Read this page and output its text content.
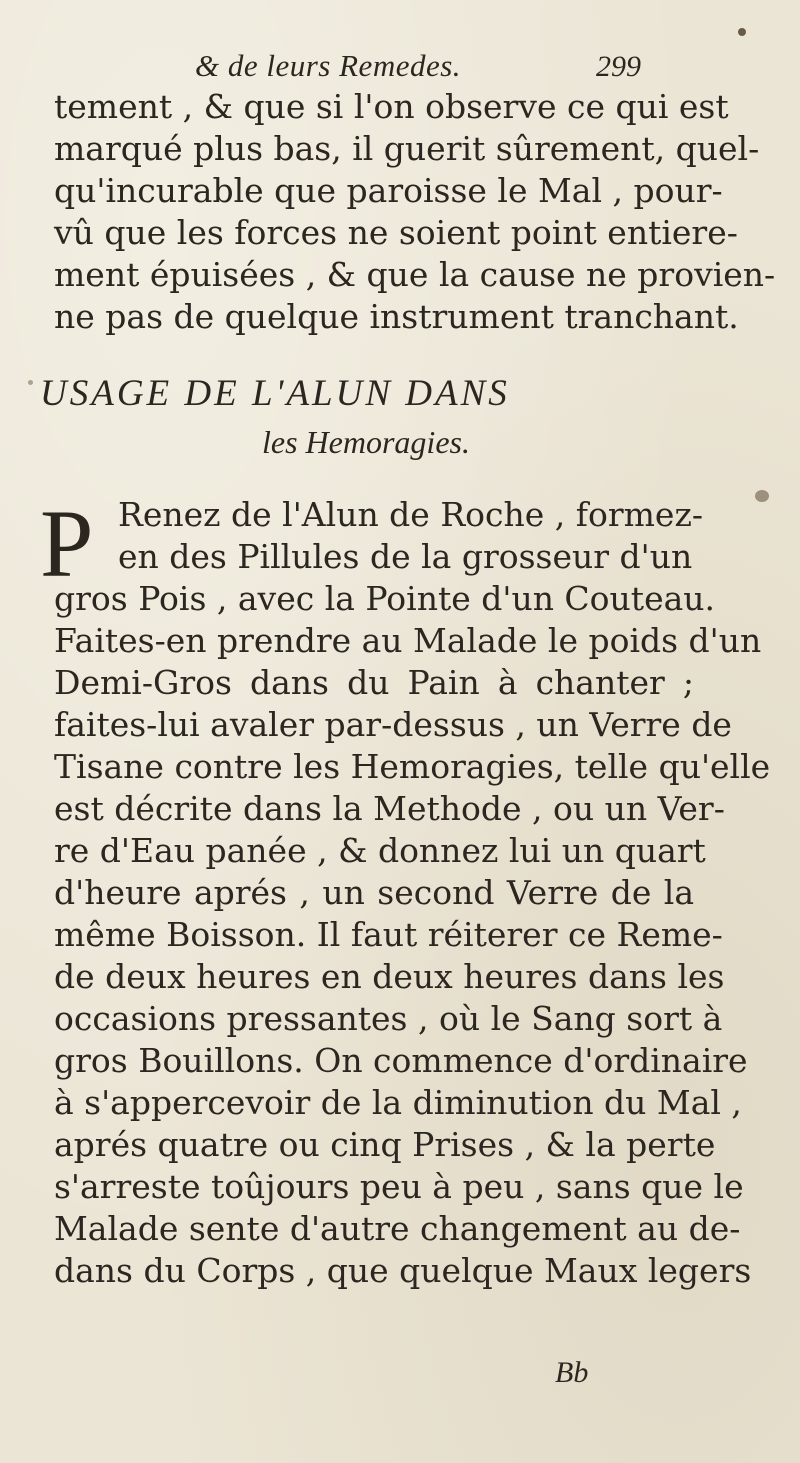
& de leurs Remedes.	299
tement , & que si l'on observe ce qui est
marqué plus bas, il guerit sûrement, quel-
qu'incurable que paroisse le Mal , pour-
vû que les forces ne soient point entiere-
ment épuisées , & que la cause ne provien-
ne pas de quelque instrument tranchant.
USAGE DE L'ALUN DANS
les Hemoragies.
P Renez de l'Alun de Roche , formez-
en des Pillules de la grosseur d'un
gros Pois , avec la Pointe d'un Couteau.
Faites-en prendre au Malade le poids d'un
Demi-Gros dans du Pain à chanter ;
faites-lui avaler par-dessus , un Verre de
Tisane contre les Hemoragies, telle qu'elle
est décrite dans la Methode , ou un Ver-
re d'Eau panée , & donnez lui un quart
d'heure aprés , un second Verre de la
même Boisson. Il faut réiterer ce Reme-
de deux heures en deux heures dans les
occasions pressantes , où le Sang sort à
gros Bouillons. On commence d'ordinaire
à s'appercevoir de la diminution du Mal ,
aprés quatre ou cinq Prises , & la perte
s'arreste toûjours peu à peu , sans que le
Malade sente d'autre changement au de-
dans du Corps , que quelque Maux legers
Bb
